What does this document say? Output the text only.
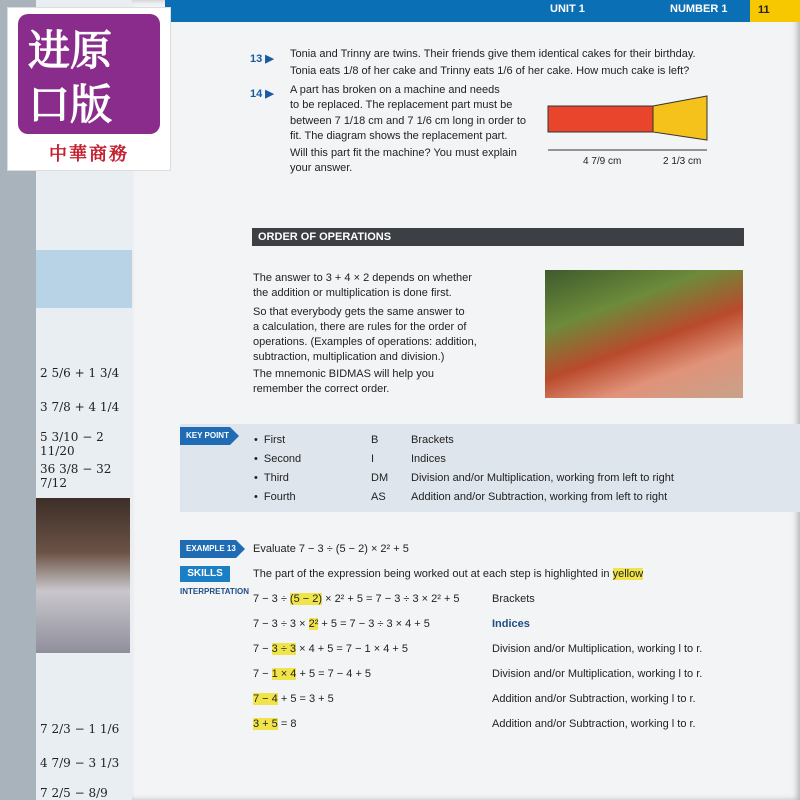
2 5/6 + 1 3/4
3 7/8 + 4 1/4
5 3/10 − 2 11/20
36 3/8 − 32 7/12
7 2/3 − 1 1/6
4 7/9 − 3 1/3
7 2/5 − 8/9
UNIT 1	NUMBER 1	11
进原
口版
中華商務
13 ▶ Tonia and Trinny are twins. Their friends give them identical cakes for their birthday.
Tonia eats 1/8 of her cake and Trinny eats 1/6 of her cake. How much cake is left?
14 ▶ A part has broken on a machine and needs
to be replaced. The replacement part must be
between 7 1/18 cm and 7 1/6 cm long in order to
fit. The diagram shows the replacement part.
Will this part fit the machine? You must explain
your answer.
4 7/9 cm	2 1/3 cm
ORDER OF OPERATIONS
The answer to 3 + 4 × 2 depends on whether
the addition or multiplication is done first.
So that everybody gets the same answer to
a calculation, there are rules for the order of
operations. (Examples of operations: addition,
subtraction, multiplication and division.)
The mnemonic BIDMAS will help you
remember the correct order.
KEY POINT
•	First	B	Brackets
• Second	I	Indices
• Third	DM Division and/or Multiplication, working from left to right
• Fourth	AS Addition and/or Subtraction, working from left to right
EXAMPLE 13 Evaluate 7 − 3 ÷ (5 − 2) × 2² + 5
SKILLS
INTERPRETATION
The part of the expression being worked out at each step is highlighted in yellow
7 − 3 ÷ (5 − 2) × 2² + 5 = 7 − 3 ÷ 3 × 2² + 5	Brackets
7 − 3 ÷ 3 × 2² + 5 = 7 − 3 ÷ 3 × 4 + 5	Indices
7 − 3 ÷ 3 × 4 + 5 = 7 − 1 × 4 + 5	Division and/or Multiplication, working l to r.
7 − 1 × 4 + 5 = 7 − 4 + 5	Division and/or Multiplication, working l to r.
7 − 4 + 5 = 3 + 5	Addition and/or Subtraction, working l to r.
3 + 5 = 8	Addition and/or Subtraction, working l to r.
